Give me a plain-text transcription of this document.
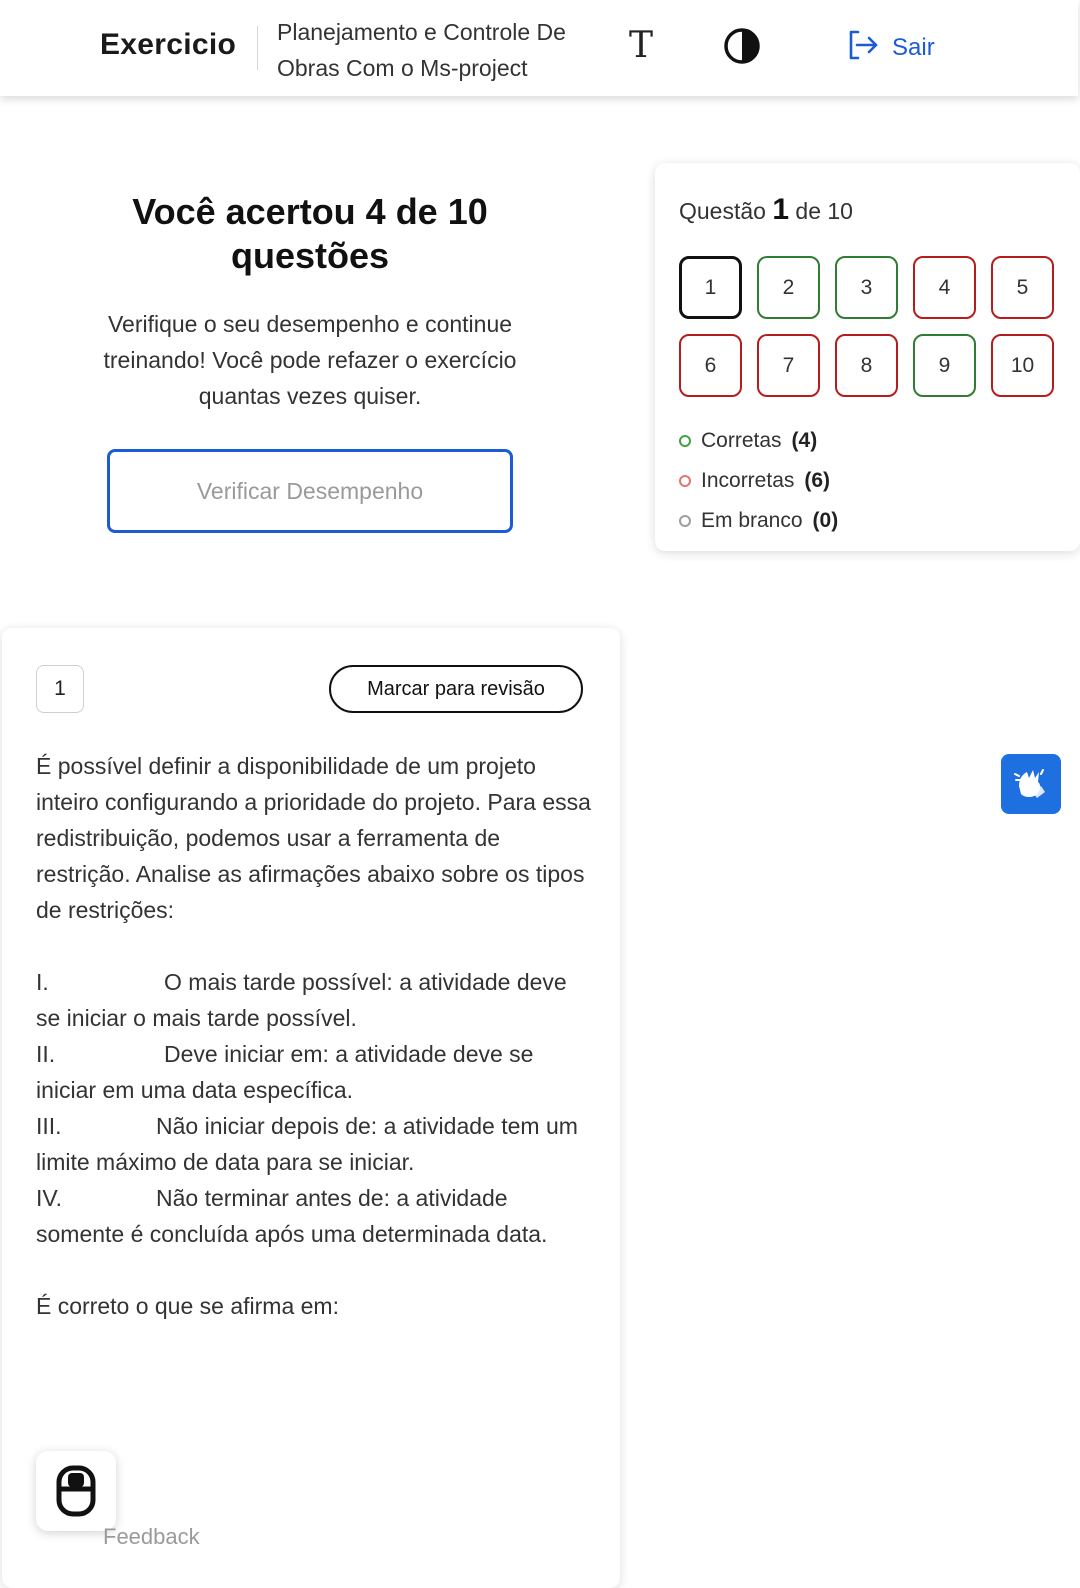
Exercicio Planejamento e Controle De Obras Com o Ms-project
T	Sair
Você acertou 4 de 10 questões
Verifique o seu desempenho e continue treinando! Você pode refazer o exercício quantas vezes quiser.
Verificar Desempenho
Questão 1 de 10
1	2	3	4	5
6	7	8	9	10
Corretas (4)
Incorretas (6)
Em branco (0)
1	Marcar para revisão

É possível definir a disponibilidade de um projeto inteiro configurando a prioridade do projeto. Para essa redistribuição, podemos usar a ferramenta de restrição. Analise as afirmações abaixo sobre os tipos de restrições:

I.	O mais tarde possível: a atividade deve se iniciar o mais tarde possível.

II.	Deve iniciar em: a atividade deve se iniciar em uma data específica.

III.	Não iniciar depois de: a atividade tem um limite máximo de data para se iniciar.

IV.	Não terminar antes de: a atividade somente é concluída após uma determinada data.

É correto o que se afirma em:

Feedback
